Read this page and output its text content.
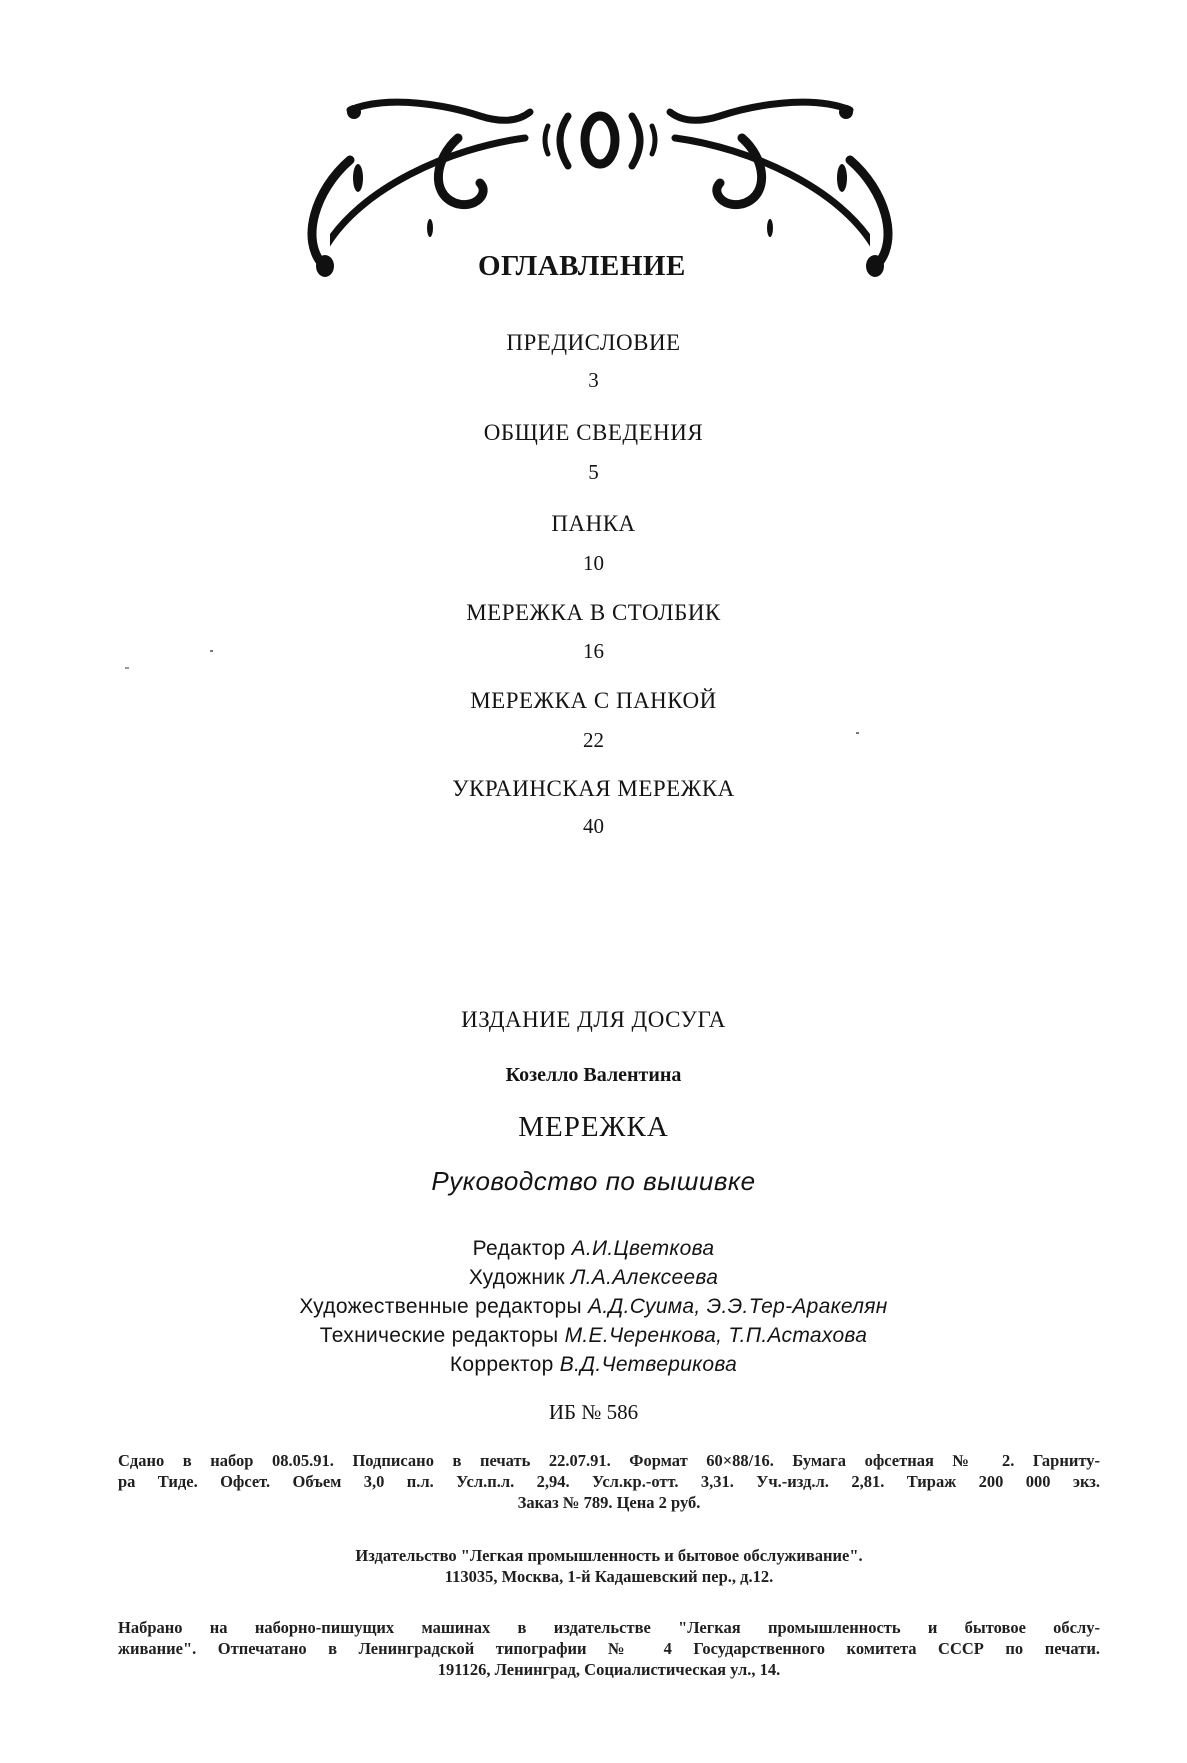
ОГЛАВЛЕНИЕ
ПРЕДИСЛОВИЕ
3
ОБЩИЕ СВЕДЕНИЯ
5
ПАНКА
10
МЕРЕЖКА В СТОЛБИК
16
МЕРЕЖКА С ПАНКОЙ
22
УКРАИНСКАЯ МЕРЕЖКА
40
ИЗДАНИЕ ДЛЯ ДОСУГА
Козелло Валентина
МЕРЕЖКА
Руководство по вышивке
Редактор А.И.Цветкова
Художник Л.А.Алексеева
Художественные редакторы А.Д.Суима, Э.Э.Тер-Аракелян
Технические редакторы М.Е.Черенкова, Т.П.Астахова
Корректор В.Д.Четверикова
ИБ № 586
Сдано в набор 08.05.91. Подписано в печать 22.07.91. Формат 60×88/16. Бумага офсетная № 2. Гарниту-
ра Тиде. Офсет. Объем 3,0 п.л. Усл.п.л. 2,94. Усл.кр.-отт. 3,31. Уч.-изд.л. 2,81. Тираж 200 000 экз.
Заказ № 789. Цена 2 руб.
Издательство "Легкая промышленность и бытовое обслуживание".
113035, Москва, 1-й Кадашевский пер., д.12.
Набрано на наборно-пишущих машинах в издательстве "Легкая промышленность и бытовое обслу-
живание". Отпечатано в Ленинградской типографии № 4 Государственного комитета СССР по печати.
191126, Ленинград, Социалистическая ул., 14.
